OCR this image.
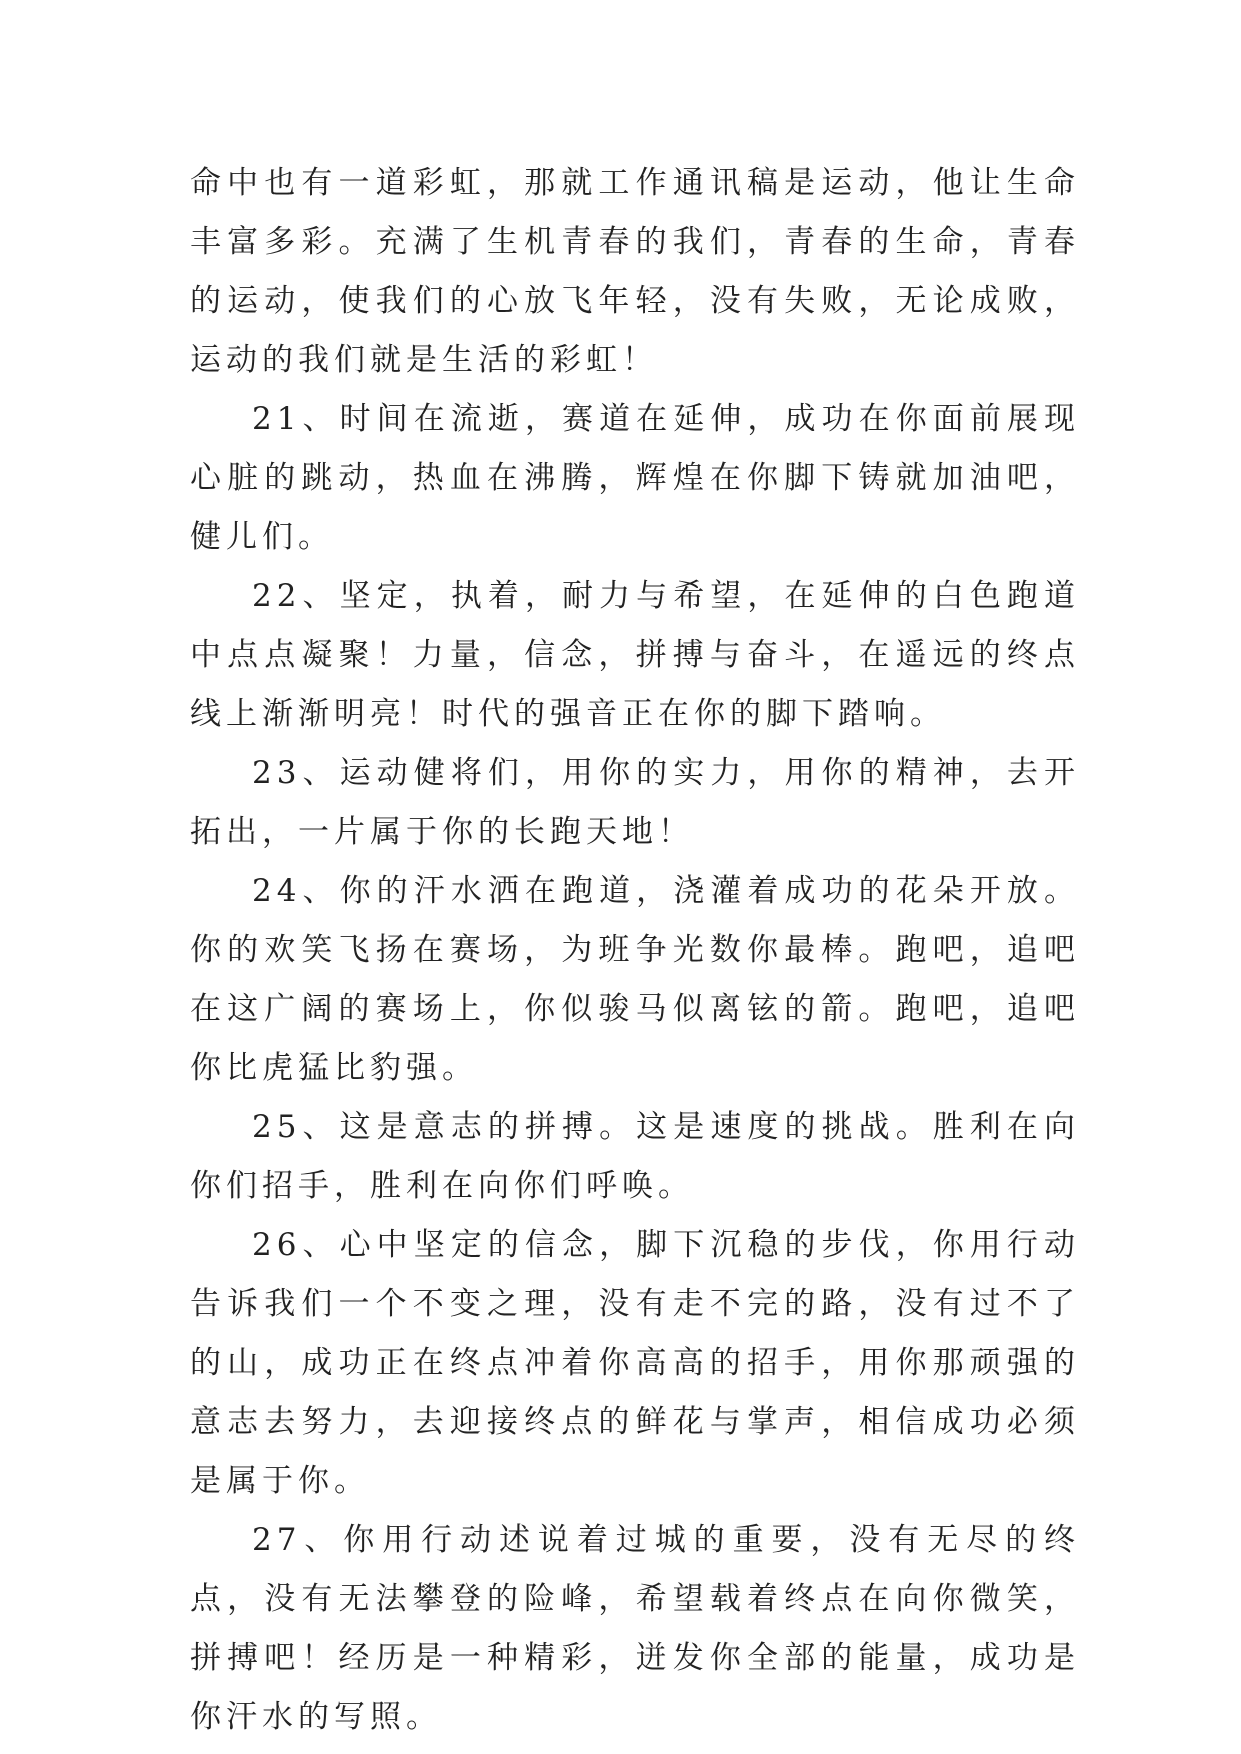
命中也有一道彩虹，那就工作通讯稿是运动，他让生命丰富多彩。充满了生机青春的我们，青春的生命，青春的运动，使我们的心放飞年轻，没有失败，无论成败，运动的我们就是生活的彩虹！

21、时间在流逝，赛道在延伸，成功在你面前展现心脏的跳动，热血在沸腾，辉煌在你脚下铸就加油吧，健儿们。

22、坚定，执着，耐力与希望，在延伸的白色跑道中点点凝聚！力量，信念，拼搏与奋斗，在遥远的终点线上渐渐明亮！时代的强音正在你的脚下踏响。

23、运动健将们，用你的实力，用你的精神，去开拓出，一片属于你的长跑天地！

24、你的汗水洒在跑道，浇灌着成功的花朵开放。你的欢笑飞扬在赛场，为班争光数你最棒。跑吧，追吧在这广阔的赛场上，你似骏马似离铉的箭。跑吧，追吧你比虎猛比豹强。

25、这是意志的拼搏。这是速度的挑战。胜利在向你们招手，胜利在向你们呼唤。

26、心中坚定的信念，脚下沉稳的步伐，你用行动告诉我们一个不变之理，没有走不完的路，没有过不了的山，成功正在终点冲着你高高的招手，用你那顽强的意志去努力，去迎接终点的鲜花与掌声，相信成功必须是属于你。

27、你用行动述说着过城的重要，没有无尽的终点，没有无法攀登的险峰，希望载着终点在向你微笑，拼搏吧！经历是一种精彩，迸发你全部的能量，成功是你汗水的写照。
